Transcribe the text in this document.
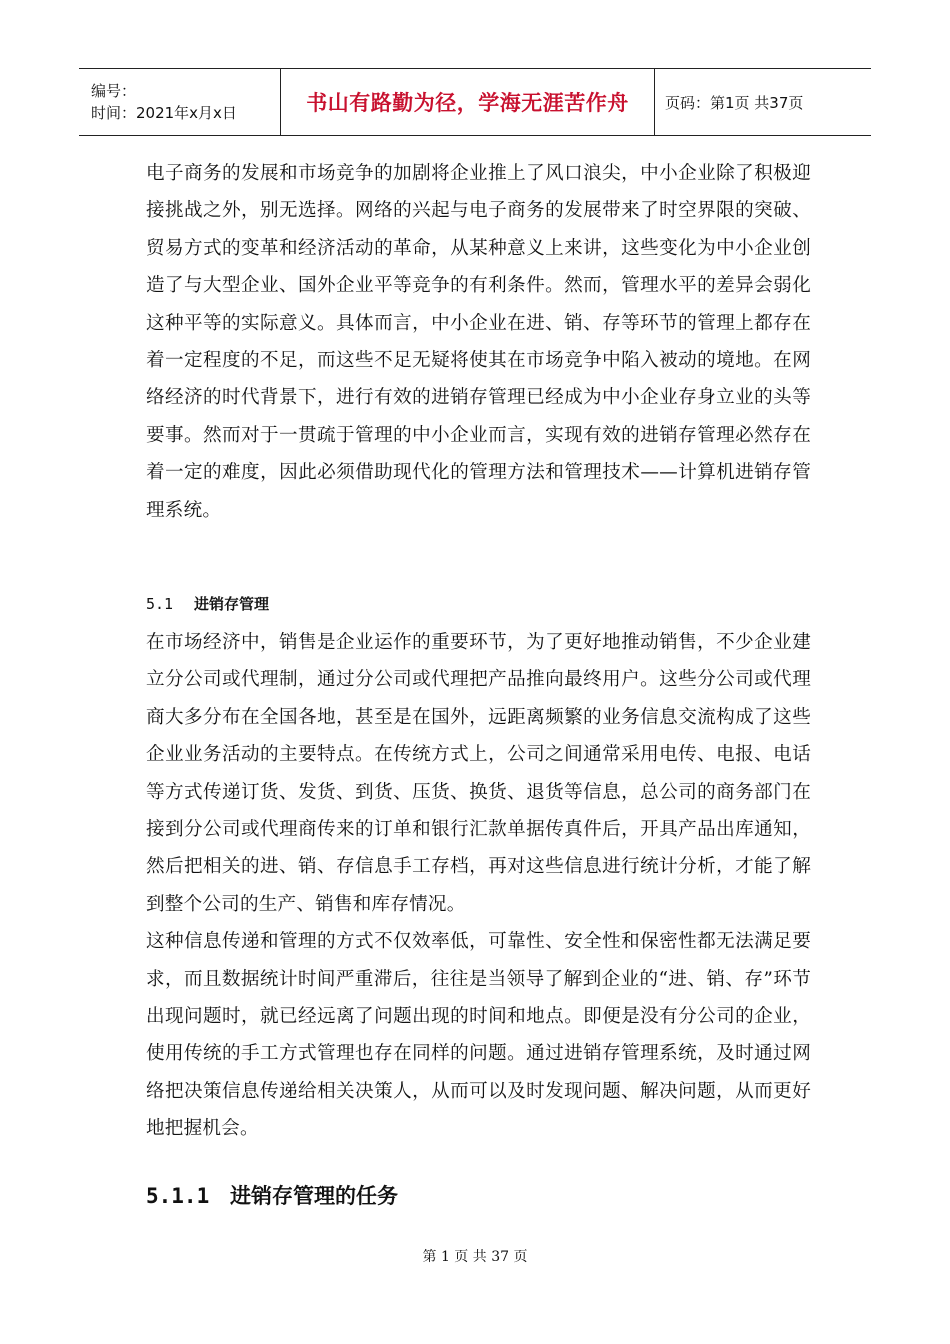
编号：
时间：2021年x月x日	书山有路勤为径，学海无涯苦作舟 页码：第1页 共37页

电子商务的发展和市场竞争的加剧将企业推上了风口浪尖，中小企业除了积极迎接挑战之外，别无选择。网络的兴起与电子商务的发展带来了时空界限的突破、贸易方式的变革和经济活动的革命，从某种意义上来讲，这些变化为中小企业创造了与大型企业、国外企业平等竞争的有利条件。然而，管理水平的差异会弱化这种平等的实际意义。具体而言，中小企业在进、销、存等环节的管理上都存在着一定程度的不足，而这些不足无疑将使其在市场竞争中陷入被动的境地。在网络经济的时代背景下，进行有效的进销存管理已经成为中小企业存身立业的头等要事。然而对于一贯疏于管理的中小企业而言，实现有效的进销存管理必然存在着一定的难度，因此必须借助现代化的管理方法和管理技术——计算机进销存管理系统。

5.1 进销存管理

在市场经济中，销售是企业运作的重要环节，为了更好地推动销售，不少企业建立分公司或代理制，通过分公司或代理把产品推向最终用户。这些分公司或代理商大多分布在全国各地，甚至是在国外，远距离频繁的业务信息交流构成了这些企业业务活动的主要特点。在传统方式上，公司之间通常采用电传、电报、电话等方式传递订货、发货、到货、压货、换货、退货等信息，总公司的商务部门在接到分公司或代理商传来的订单和银行汇款单据传真件后，开具产品出库通知，然后把相关的进、销、存信息手工存档，再对这些信息进行统计分析，才能了解到整个公司的生产、销售和库存情况。

这种信息传递和管理的方式不仅效率低，可靠性、安全性和保密性都无法满足要求，而且数据统计时间严重滞后，往往是当领导了解到企业的“进、销、存”环节出现问题时，就已经远离了问题出现的时间和地点。即便是没有分公司的企业，使用传统的手工方式管理也存在同样的问题。通过进销存管理系统，及时通过网络把决策信息传递给相关决策人，从而可以及时发现问题、解决问题，从而更好地把握机会。

5.1.1 进销存管理的任务
第 1 页 共 37 页
